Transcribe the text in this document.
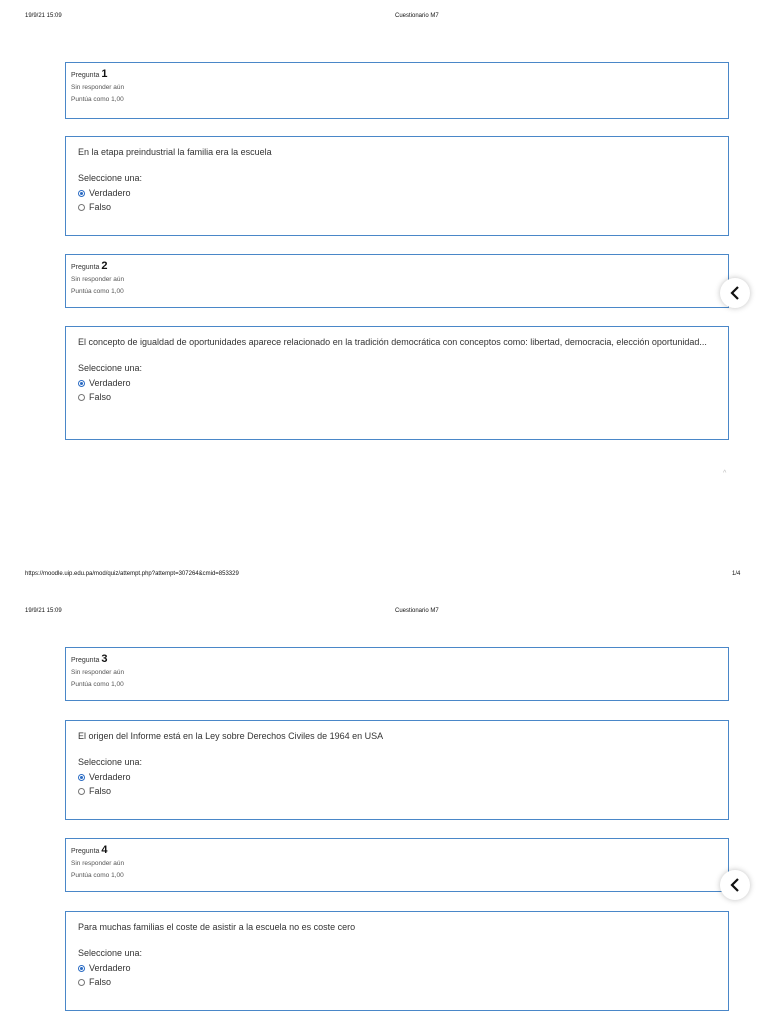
19/9/21 15:09	Cuestionario M7
Pregunta 1
Sin responder aún
Puntúa como 1,00
En la etapa preindustrial la familia era la escuela
Seleccione una:
Verdadero
Falso
Pregunta 2
Sin responder aún
Puntúa como 1,00
El concepto de igualdad de oportunidades aparece relacionado en la tradición democrática con conceptos como: libertad, democracia, elección oportunidad...
Seleccione una:
Verdadero
Falso
^
https://moodle.uip.edu.pa/mod/quiz/attempt.php?attempt=307264&cmid=853329	1/4
19/9/21 15:09	Cuestionario M7
Pregunta 3
Sin responder aún
Puntúa como 1,00
El origen del Informe está en la Ley sobre Derechos Civiles de 1964 en USA
Seleccione una:
Verdadero
Falso
Pregunta 4
Sin responder aún
Puntúa como 1,00
Para muchas familias el coste de asistir a la escuela no es coste cero
Seleccione una:
Verdadero
Falso
